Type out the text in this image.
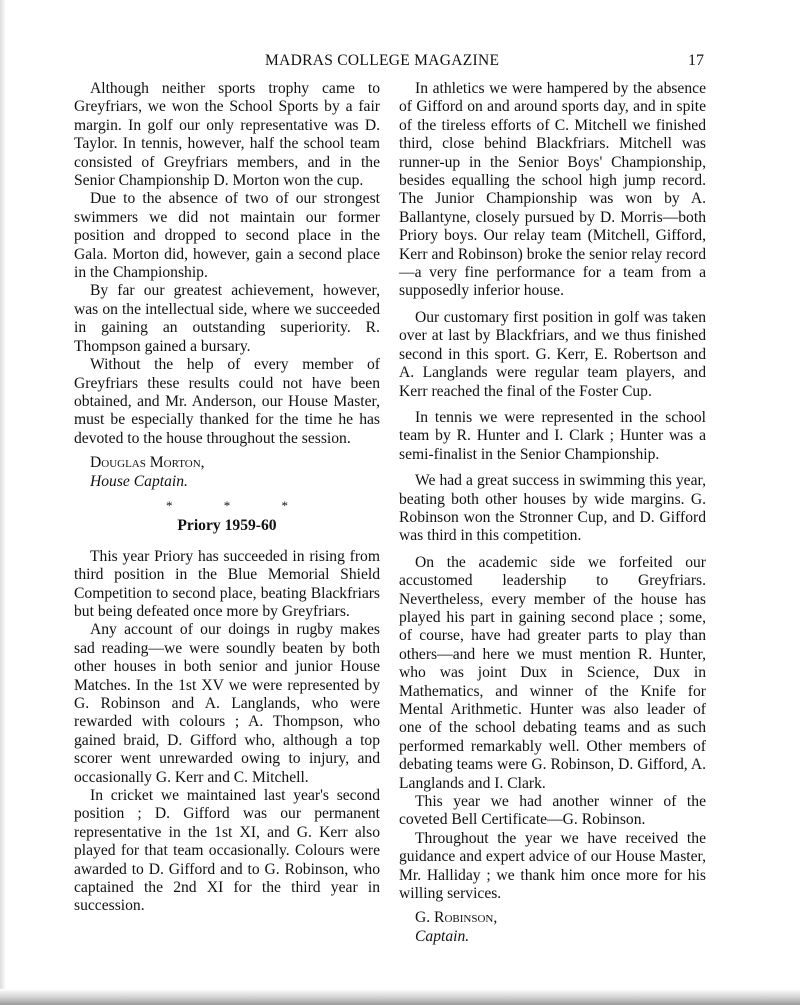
MADRAS COLLEGE MAGAZINE	17

Although neither sports trophy came to Greyfriars, we won the School Sports by a fair margin. In golf our only representative was D. Taylor. In tennis, however, half the school team consisted of Greyfriars members, and in the Senior Championship D. Morton won the cup.

Due to the absence of two of our strongest swimmers we did not maintain our former position and dropped to second place in the Gala. Morton did, however, gain a second place in the Championship.

By far our greatest achievement, however, was on the intellectual side, where we succeeded in gaining an outstanding superiority. R. Thompson gained a bursary.

Without the help of every member of Greyfriars these results could not have been obtained, and Mr. Anderson, our House Master, must be especially thanked for the time he has devoted to the house throughout the session.

Douglas Morton,

House Captain.

* * *
Priory 1959-60

This year Priory has succeeded in rising from third position in the Blue Memorial Shield Competition to second place, beating Blackfriars but being defeated once more by Greyfriars.

Any account of our doings in rugby makes sad reading—we were soundly beaten by both other houses in both senior and junior House Matches. In the 1st XV we were represented by G. Robinson and A. Langlands, who were rewarded with colours ; A. Thompson, who gained braid, D. Gifford who, although a top scorer went unrewarded owing to injury, and occasionally G. Kerr and C. Mitchell.

In cricket we maintained last year's second position ; D. Gifford was our permanent representative in the 1st XI, and G. Kerr also played for that team occasionally. Colours were awarded to D. Gifford and to G. Robinson, who captained the 2nd XI for the third year in succession.

In athletics we were hampered by the absence of Gifford on and around sports day, and in spite of the tireless efforts of C. Mitchell we finished third, close behind Blackfriars. Mitchell was runner-up in the Senior Boys' Championship, besides equalling the school high jump record. The Junior Championship was won by A. Ballantyne, closely pursued by D. Morris—both Priory boys. Our relay team (Mitchell, Gifford, Kerr and Robinson) broke the senior relay record—a very fine performance for a team from a supposedly inferior house.

Our customary first position in golf was taken over at last by Blackfriars, and we thus finished second in this sport. G. Kerr, E. Robertson and A. Langlands were regular team players, and Kerr reached the final of the Foster Cup.

In tennis we were represented in the school team by R. Hunter and I. Clark ; Hunter was a semi-finalist in the Senior Championship.

We had a great success in swimming this year, beating both other houses by wide margins. G. Robinson won the Stronner Cup, and D. Gifford was third in this competition.

On the academic side we forfeited our accustomed leadership to Greyfriars. Nevertheless, every member of the house has played his part in gaining second place ; some, of course, have had greater parts to play than others—and here we must mention R. Hunter, who was joint Dux in Science, Dux in Mathematics, and winner of the Knife for Mental Arithmetic. Hunter was also leader of one of the school debating teams and as such performed remarkably well. Other members of debating teams were G. Robinson, D. Gifford, A. Langlands and I. Clark.

This year we had another winner of the coveted Bell Certificate—G. Robinson.

Throughout the year we have received the guidance and expert advice of our House Master, Mr. Halliday ; we thank him once more for his willing services.

G. Robinson,

Captain.
